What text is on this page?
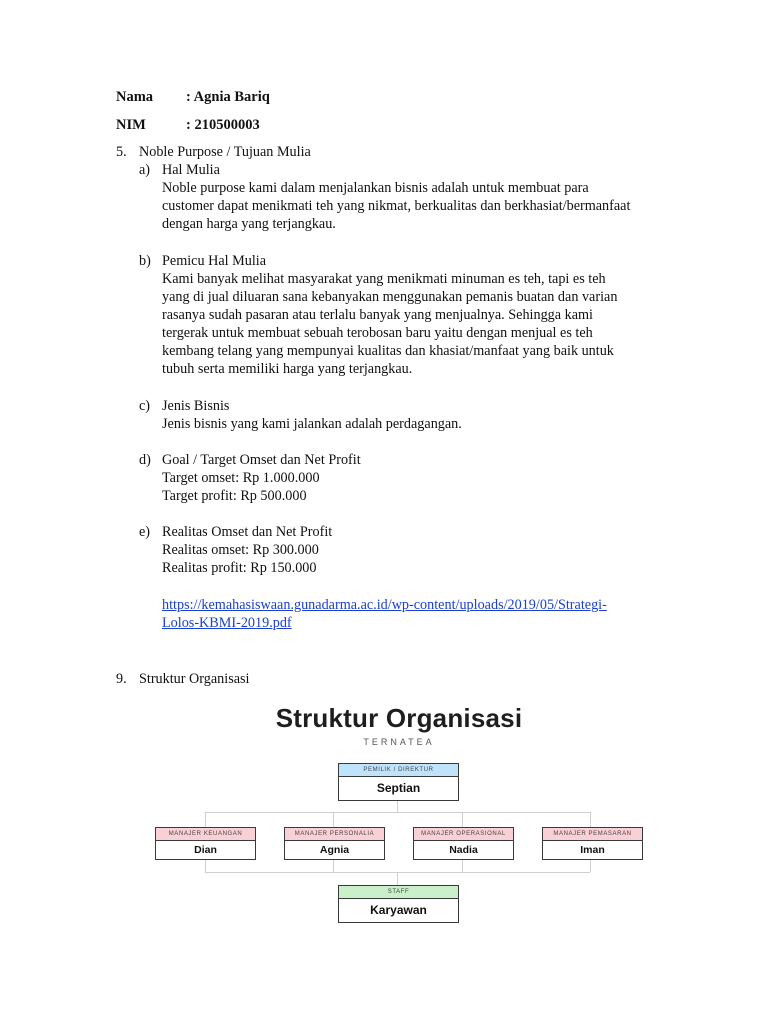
Nama : Agnia Bariq
NIM	: 210500003
5. Noble Purpose / Tujuan Mulia
a) Hal Mulia
Noble purpose kami dalam menjalankan bisnis adalah untuk membuat para
customer dapat menikmati teh yang nikmat, berkualitas dan berkhasiat/bermanfaat
dengan harga yang terjangkau.
b) Pemicu Hal Mulia
Kami banyak melihat masyarakat yang menikmati minuman es teh, tapi es teh
yang di jual diluaran sana kebanyakan menggunakan pemanis buatan dan varian
rasanya sudah pasaran atau terlalu banyak yang menjualnya. Sehingga kami
tergerak untuk membuat sebuah terobosan baru yaitu dengan menjual es teh
kembang telang yang mempunyai kualitas dan khasiat/manfaat yang baik untuk
tubuh serta memiliki harga yang terjangkau.
c) Jenis Bisnis
Jenis bisnis yang kami jalankan adalah perdagangan.
d) Goal / Target Omset dan Net Profit
Target omset: Rp 1.000.000
Target profit: Rp 500.000
e) Realitas Omset dan Net Profit
Realitas omset: Rp 300.000
Realitas profit: Rp 150.000
https://kemahasiswaan.gunadarma.ac.id/wp-content/uploads/2019/05/Strategi-
Lolos-KBMI-2019.pdf
9. Struktur Organisasi
Struktur Organisasi
TERNATEA
PEMILIK / DIREKTUR
Septian
MANAJER KEUANGAN
Dian
MANAJER PERSONALIA
Agnia
MANAJER OPERASIONAL
Nadia
MANAJER PEMASARAN
Iman
STAFF
Karyawan
